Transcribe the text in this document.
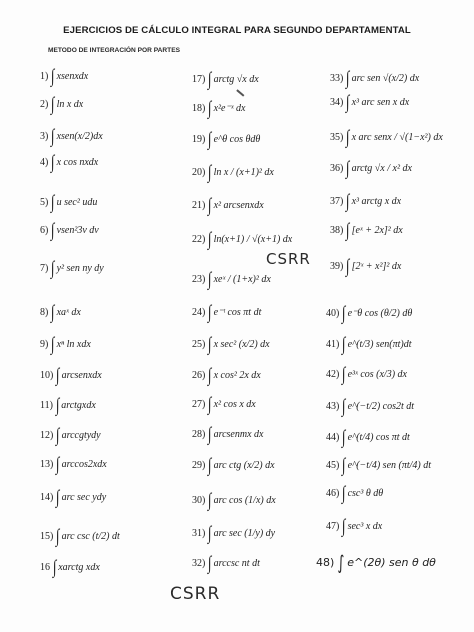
EJERCICIOS DE CÁLCULO INTEGRAL PARA SEGUNDO DEPARTAMENTAL
METODO DE INTEGRACIÓN POR PARTES
1) ∫ xsenxdx
2) ∫ ln x dx
3) ∫ xsen(x/2)dx
4) ∫ x cos nxdx
5) ∫ u sec² udu
6) ∫ vsen²3v dv
7) ∫ y² sen ny dy
8) ∫ xaˣ dx
9) ∫ xⁿ ln xdx
10) ∫ arcsenxdx
11) ∫ arctgxdx
12) ∫ arccgtydy
13) ∫ arccos2xdx
14) ∫ arc sec ydy
15) ∫ arc csc (t/2) dt
16 ∫ xarctg xdx
17) ∫ arctg √x dx
18) ∫ x²e⁻ˣ dx
19) ∫ e^θ cos θdθ
20) ∫ ln x / (x+1)² dx
21) ∫ x² arcsenxdx
22) ∫ ln(x+1) / √(x+1) dx
23) ∫ xeˣ / (1+x)² dx
24) ∫ e⁻ᵗ cos πt dt
25) ∫ x sec² (x/2) dx
26) ∫ x cos² 2x dx
27) ∫ x² cos x dx
28) ∫ arcsenmx dx
29) ∫ arc ctg (x/2) dx
30) ∫ arc cos (1/x) dx
31) ∫ arc sec (1/y) dy
32) ∫ arccsc nt dt
33) ∫ arc sen √(x/2) dx
34) ∫ x³ arc sen x dx
35) ∫ x arc senx / √(1−x²) dx
36) ∫ arctg √x / x² dx
37) ∫ x³ arctg x dx
38) ∫ [eˣ + 2x]² dx
39) ∫ [2ˣ + x²]² dx
40) ∫ e⁻θ cos (θ/2) dθ
41) ∫ e^(t/3) sen(πt)dt
42) ∫ e³ˣ cos (x/3) dx
43) ∫ e^(−t/2) cos2t dt
44) ∫ e^(t/4) cos πt dt
45) ∫ e^(−t/4) sen (πt/4) dt
46) ∫ csc³ θ dθ
47) ∫ sec³ x dx
48) ∫ e^(2θ) sen θ dθ
CSRR
CSRR
